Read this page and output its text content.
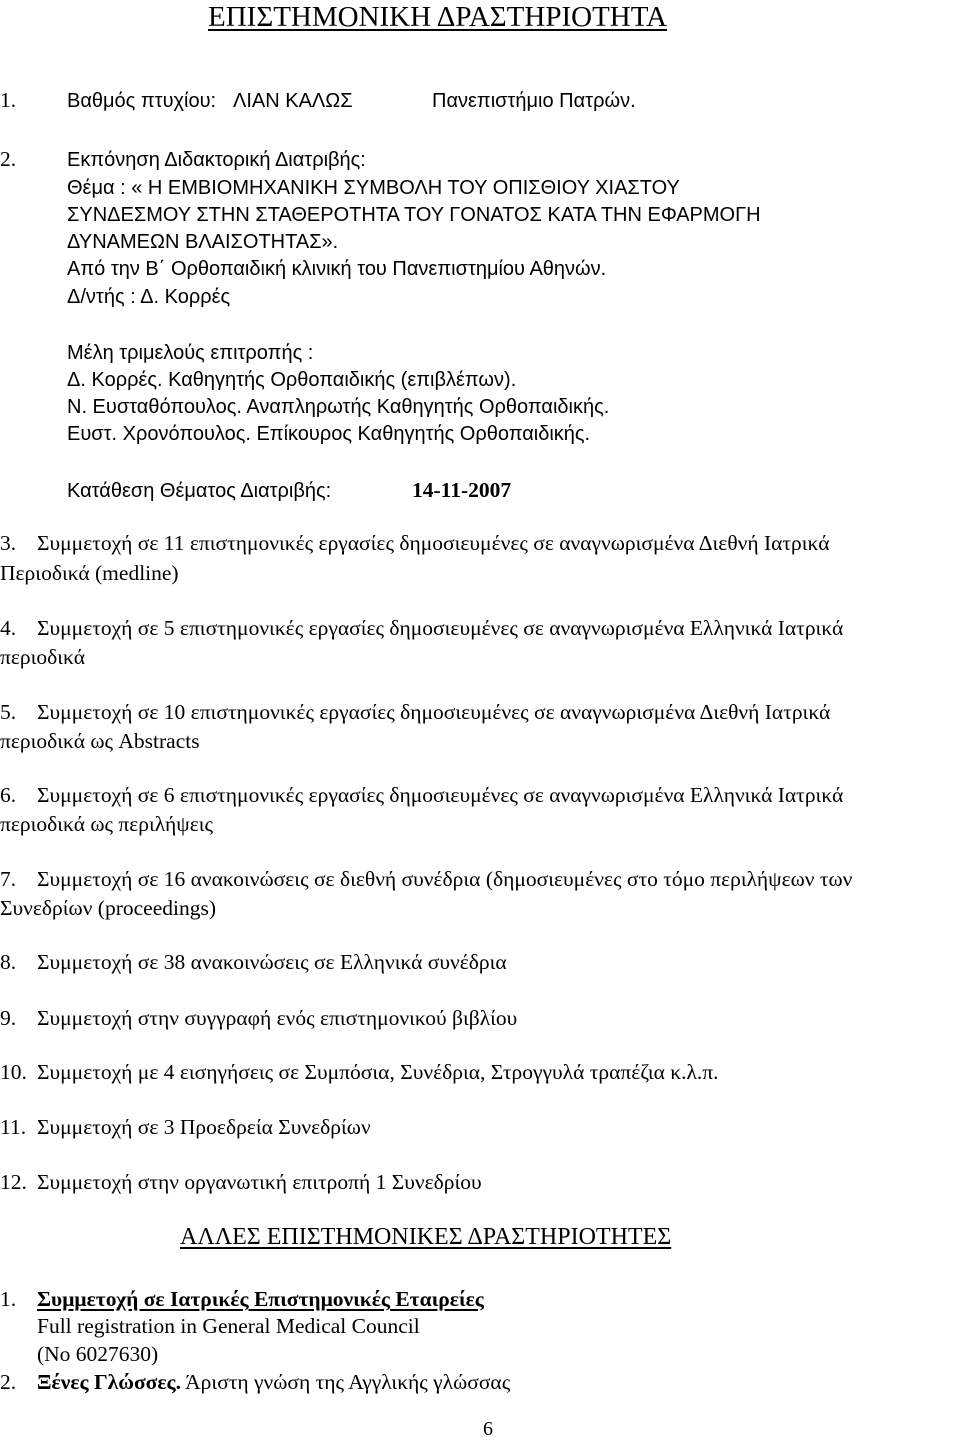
ΕΠΙΣΤΗΜΟΝΙΚΗ ΔΡΑΣΤΗΡΙΟΤΗΤΑ
1.	Βαθμός πτυχίου: ΛΙΑΝ ΚΑΛΩΣ	Πανεπιστήμιο Πατρών.
2.	Εκπόνηση Διδακτορική Διατριβής:
Θέμα : « Η ΕΜΒΙΟΜΗΧΑΝΙΚΗ ΣΥΜΒΟΛΗ ΤΟΥ ΟΠΙΣΘΙΟΥ ΧΙΑΣΤΟΥ
ΣΥΝΔΕΣΜΟΥ ΣΤΗΝ ΣΤΑΘΕΡΟΤΗΤΑ ΤΟΥ ΓΟΝΑΤΟΣ ΚΑΤΑ ΤΗΝ ΕΦΑΡΜΟΓΗ
ΔΥΝΑΜΕΩΝ ΒΛΑΙΣΟΤΗΤΑΣ».
Από την Β΄ Ορθοπαιδική κλινική του Πανεπιστημίου Αθηνών.
Δ/ντής : Δ. Κορρές
Μέλη τριμελούς επιτροπής :
Δ. Κορρές. Καθηγητής Ορθοπαιδικής (επιβλέπων).
Ν. Ευσταθόπουλος. Αναπληρωτής Καθηγητής Ορθοπαιδικής.
Ευστ. Χρονόπουλος. Επίκουρος Καθηγητής Ορθοπαιδικής.
Κατάθεση Θέματος Διατριβής:	14-11-2007
3. Συμμετοχή σε 11 επιστημονικές εργασίες δημοσιευμένες σε αναγνωρισμένα Διεθνή Ιατρικά
Περιοδικά (medline)
4. Συμμετοχή σε 5 επιστημονικές εργασίες δημοσιευμένες σε αναγνωρισμένα Ελληνικά Ιατρικά
περιοδικά
5. Συμμετοχή σε 10 επιστημονικές εργασίες δημοσιευμένες σε αναγνωρισμένα Διεθνή Ιατρικά
περιοδικά ως Abstracts
6. Συμμετοχή σε 6 επιστημονικές εργασίες δημοσιευμένες σε αναγνωρισμένα Ελληνικά Ιατρικά
περιοδικά ως περιλήψεις
7. Συμμετοχή σε 16 ανακοινώσεις σε διεθνή συνέδρια (δημοσιευμένες στο τόμο περιλήψεων των
Συνεδρίων (proceedings)
8. Συμμετοχή σε 38 ανακοινώσεις σε Ελληνικά συνέδρια
9. Συμμετοχή στην συγγραφή ενός επιστημονικού βιβλίου
10. Συμμετοχή με 4 εισηγήσεις σε Συμπόσια, Συνέδρια, Στρογγυλά τραπέζια κ.λ.π.
11. Συμμετοχή σε 3 Προεδρεία Συνεδρίων
12. Συμμετοχή στην οργανωτική επιτροπή 1 Συνεδρίου
ΑΛΛΕΣ ΕΠΙΣΤΗΜΟΝΙΚΕΣ ΔΡΑΣΤΗΡΙΟΤΗΤΕΣ
1. Συμμετοχή σε Ιατρικές Επιστημονικές Εταιρείες
Full registration in General Medical Council
(No 6027630)
2. Ξένες Γλώσσες. Άριστη γνώση της Αγγλικής γλώσσας
6
